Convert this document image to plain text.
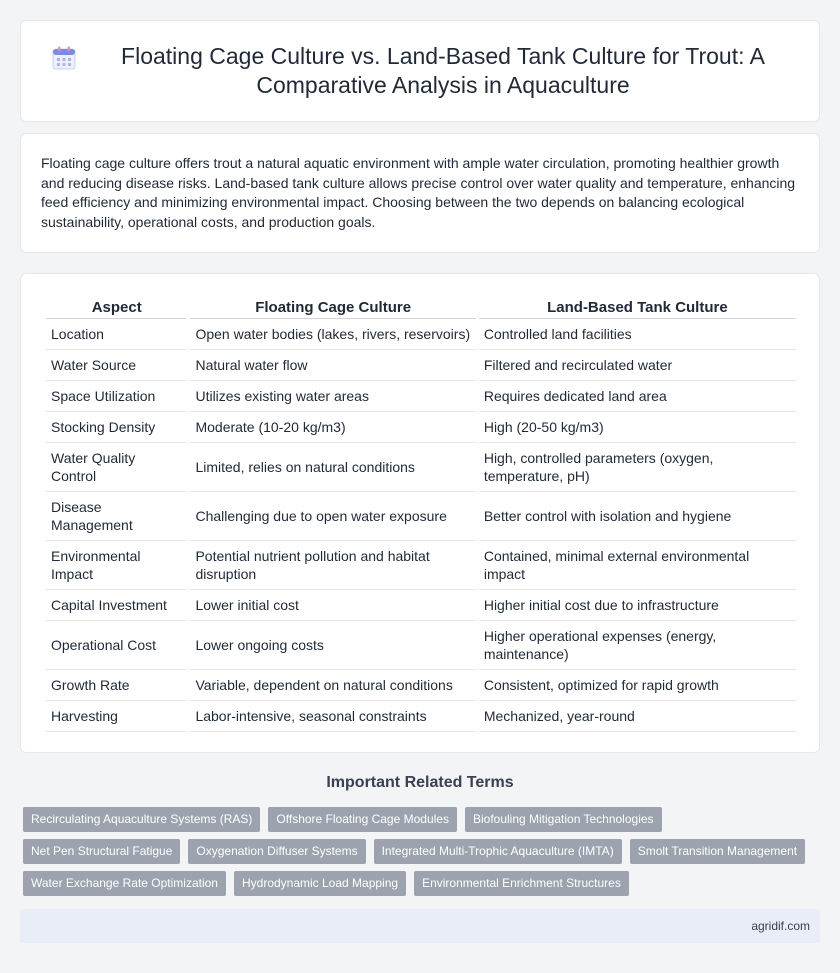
Floating Cage Culture vs. Land-Based Tank Culture for Trout: A Comparative Analysis in Aquaculture

Floating cage culture offers trout a natural aquatic environment with ample water circulation, promoting healthier growth and reducing disease risks. Land-based tank culture allows precise control over water quality and temperature, enhancing feed efficiency and minimizing environmental impact. Choosing between the two depends on balancing ecological sustainability, operational costs, and production goals.

Aspect	Floating Cage Culture	Land-Based Tank Culture
Location	Open water bodies (lakes, rivers, reservoirs)	Controlled land facilities
Water Source	Natural water flow	Filtered and recirculated water
Space Utilization	Utilizes existing water areas	Requires dedicated land area
Stocking Density	Moderate (10-20 kg/m3)	High (20-50 kg/m3)
Water Quality Control	Limited, relies on natural conditions	High, controlled parameters (oxygen, temperature, pH)
Disease Management	Challenging due to open water exposure	Better control with isolation and hygiene
Environmental Impact	Potential nutrient pollution and habitat disruption	Contained, minimal external environmental impact
Capital Investment	Lower initial cost	Higher initial cost due to infrastructure
Operational Cost	Lower ongoing costs	Higher operational expenses (energy, maintenance)
Growth Rate	Variable, dependent on natural conditions	Consistent, optimized for rapid growth
Harvesting	Labor-intensive, seasonal constraints	Mechanized, year-round
Important Related Terms
Recirculating Aquaculture Systems (RAS)	Offshore Floating Cage Modules	Biofouling Mitigation Technologies
Net Pen Structural Fatigue	Oxygenation Diffuser Systems	Integrated Multi-Trophic Aquaculture (IMTA)	Smolt Transition Management
Water Exchange Rate Optimization	Hydrodynamic Load Mapping	Environmental Enrichment Structures
agridif.com
